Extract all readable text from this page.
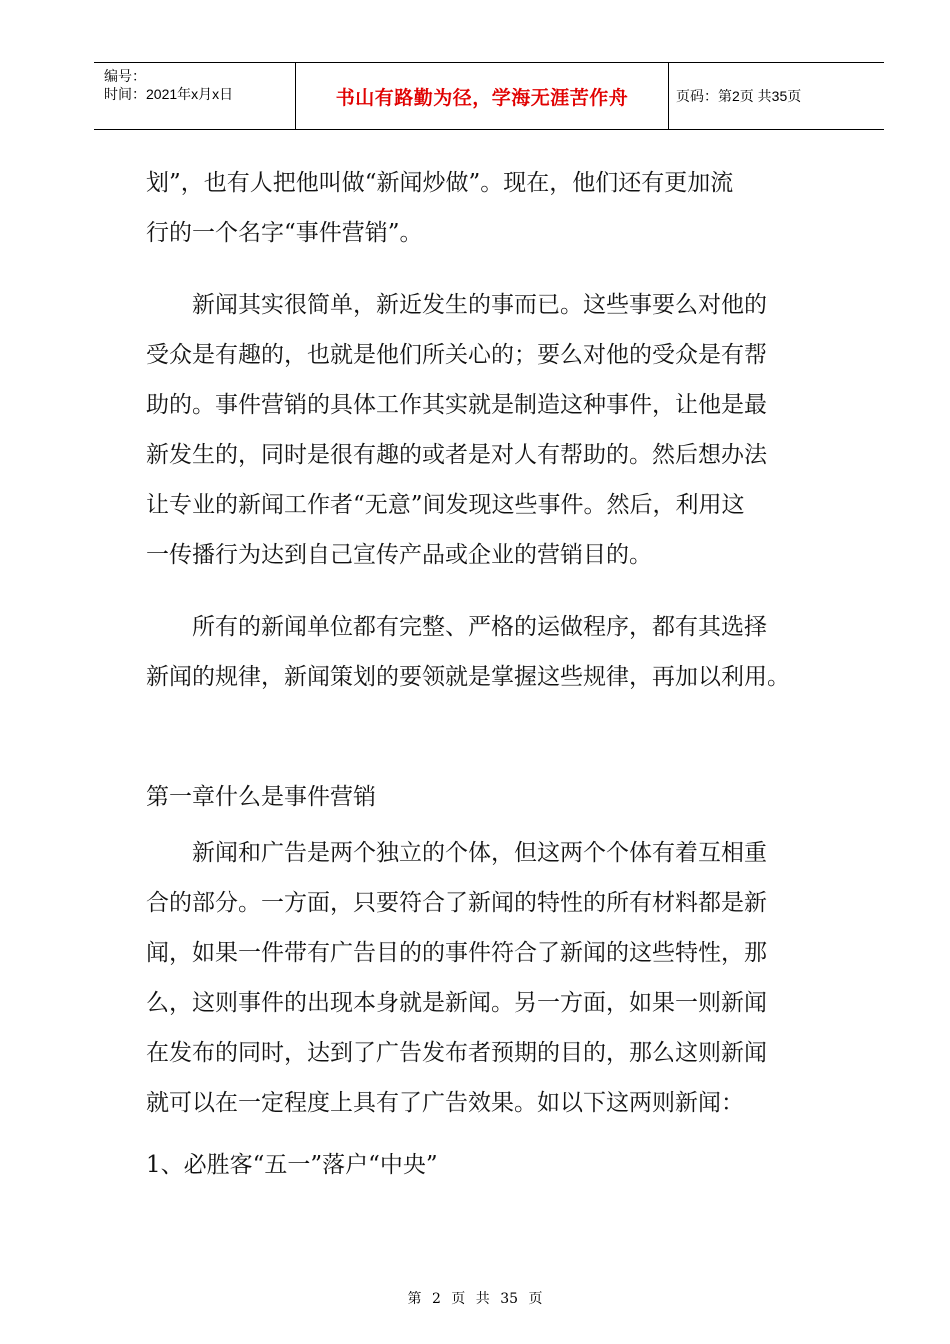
编号：
时间：2021年x月x日	书山有路勤为径，学海无涯苦作舟	页码：第2页 共35页

划”，也有人把他叫做“新闻炒做”。现在，他们还有更加流

行的一个名字“事件营销”。

新闻其实很简单，新近发生的事而已。这些事要么对他的

受众是有趣的，也就是他们所关心的；要么对他的受众是有帮

助的。事件营销的具体工作其实就是制造这种事件，让他是最

新发生的，同时是很有趣的或者是对人有帮助的。然后想办法

让专业的新闻工作者“无意”间发现这些事件。然后，利用这

一传播行为达到自己宣传产品或企业的营销目的。

所有的新闻单位都有完整、严格的运做程序，都有其选择

新闻的规律，新闻策划的要领就是掌握这些规律，再加以利用。

第一章什么是事件营销

新闻和广告是两个独立的个体，但这两个个体有着互相重

合的部分。一方面，只要符合了新闻的特性的所有材料都是新

闻，如果一件带有广告目的的事件符合了新闻的这些特性，那

么，这则事件的出现本身就是新闻。另一方面，如果一则新闻

在发布的同时，达到了广告发布者预期的目的，那么这则新闻

就可以在一定程度上具有了广告效果。如以下这两则新闻：

1、必胜客“五一”落户“中央”

第 2 页 共 35 页
